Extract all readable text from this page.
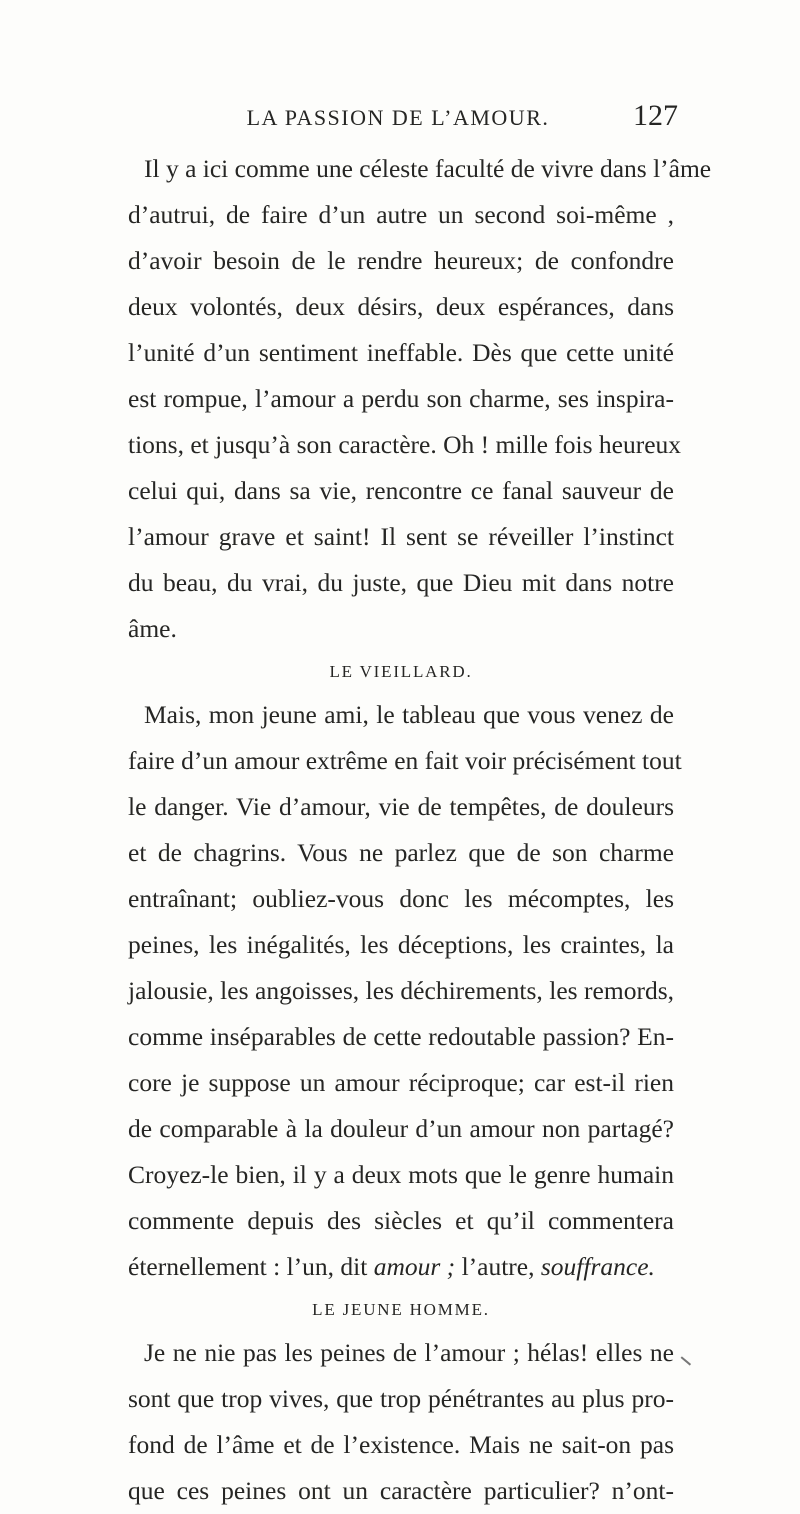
LA PASSION DE L’AMOUR.	127
Il y a ici comme une céleste faculté de vivre dans l’âme
d’autrui, de faire d’un autre un second soi-même ,
d’avoir besoin de le rendre heureux; de confondre
deux volontés, deux désirs, deux espérances, dans
l’unité d’un sentiment ineffable. Dès que cette unité
est rompue, l’amour a perdu son charme, ses inspira-
tions, et jusqu’à son caractère. Oh ! mille fois heureux
celui qui, dans sa vie, rencontre ce fanal sauveur de
l’amour grave et saint! Il sent se réveiller l’instinct
du beau, du vrai, du juste, que Dieu mit dans notre
âme.
LE VIEILLARD.
Mais, mon jeune ami, le tableau que vous venez de
faire d’un amour extrême en fait voir précisément tout
le danger. Vie d’amour, vie de tempêtes, de douleurs
et de chagrins. Vous ne parlez que de son charme
entraînant; oubliez-vous donc les mécomptes, les
peines, les inégalités, les déceptions, les craintes, la
jalousie, les angoisses, les déchirements, les remords,
comme inséparables de cette redoutable passion? En-
core je suppose un amour réciproque; car est-il rien
de comparable à la douleur d’un amour non partagé?
Croyez-le bien, il y a deux mots que le genre humain
commente depuis des siècles et qu’il commentera
éternellement : l’un, dit amour ; l’autre, souffrance.
LE JEUNE HOMME.
Je ne nie pas les peines de l’amour ; hélas! elles ne
sont que trop vives, que trop pénétrantes au plus pro-
fond de l’âme et de l’existence. Mais ne sait-on pas
que ces peines ont un caractère particulier? n’ont-
